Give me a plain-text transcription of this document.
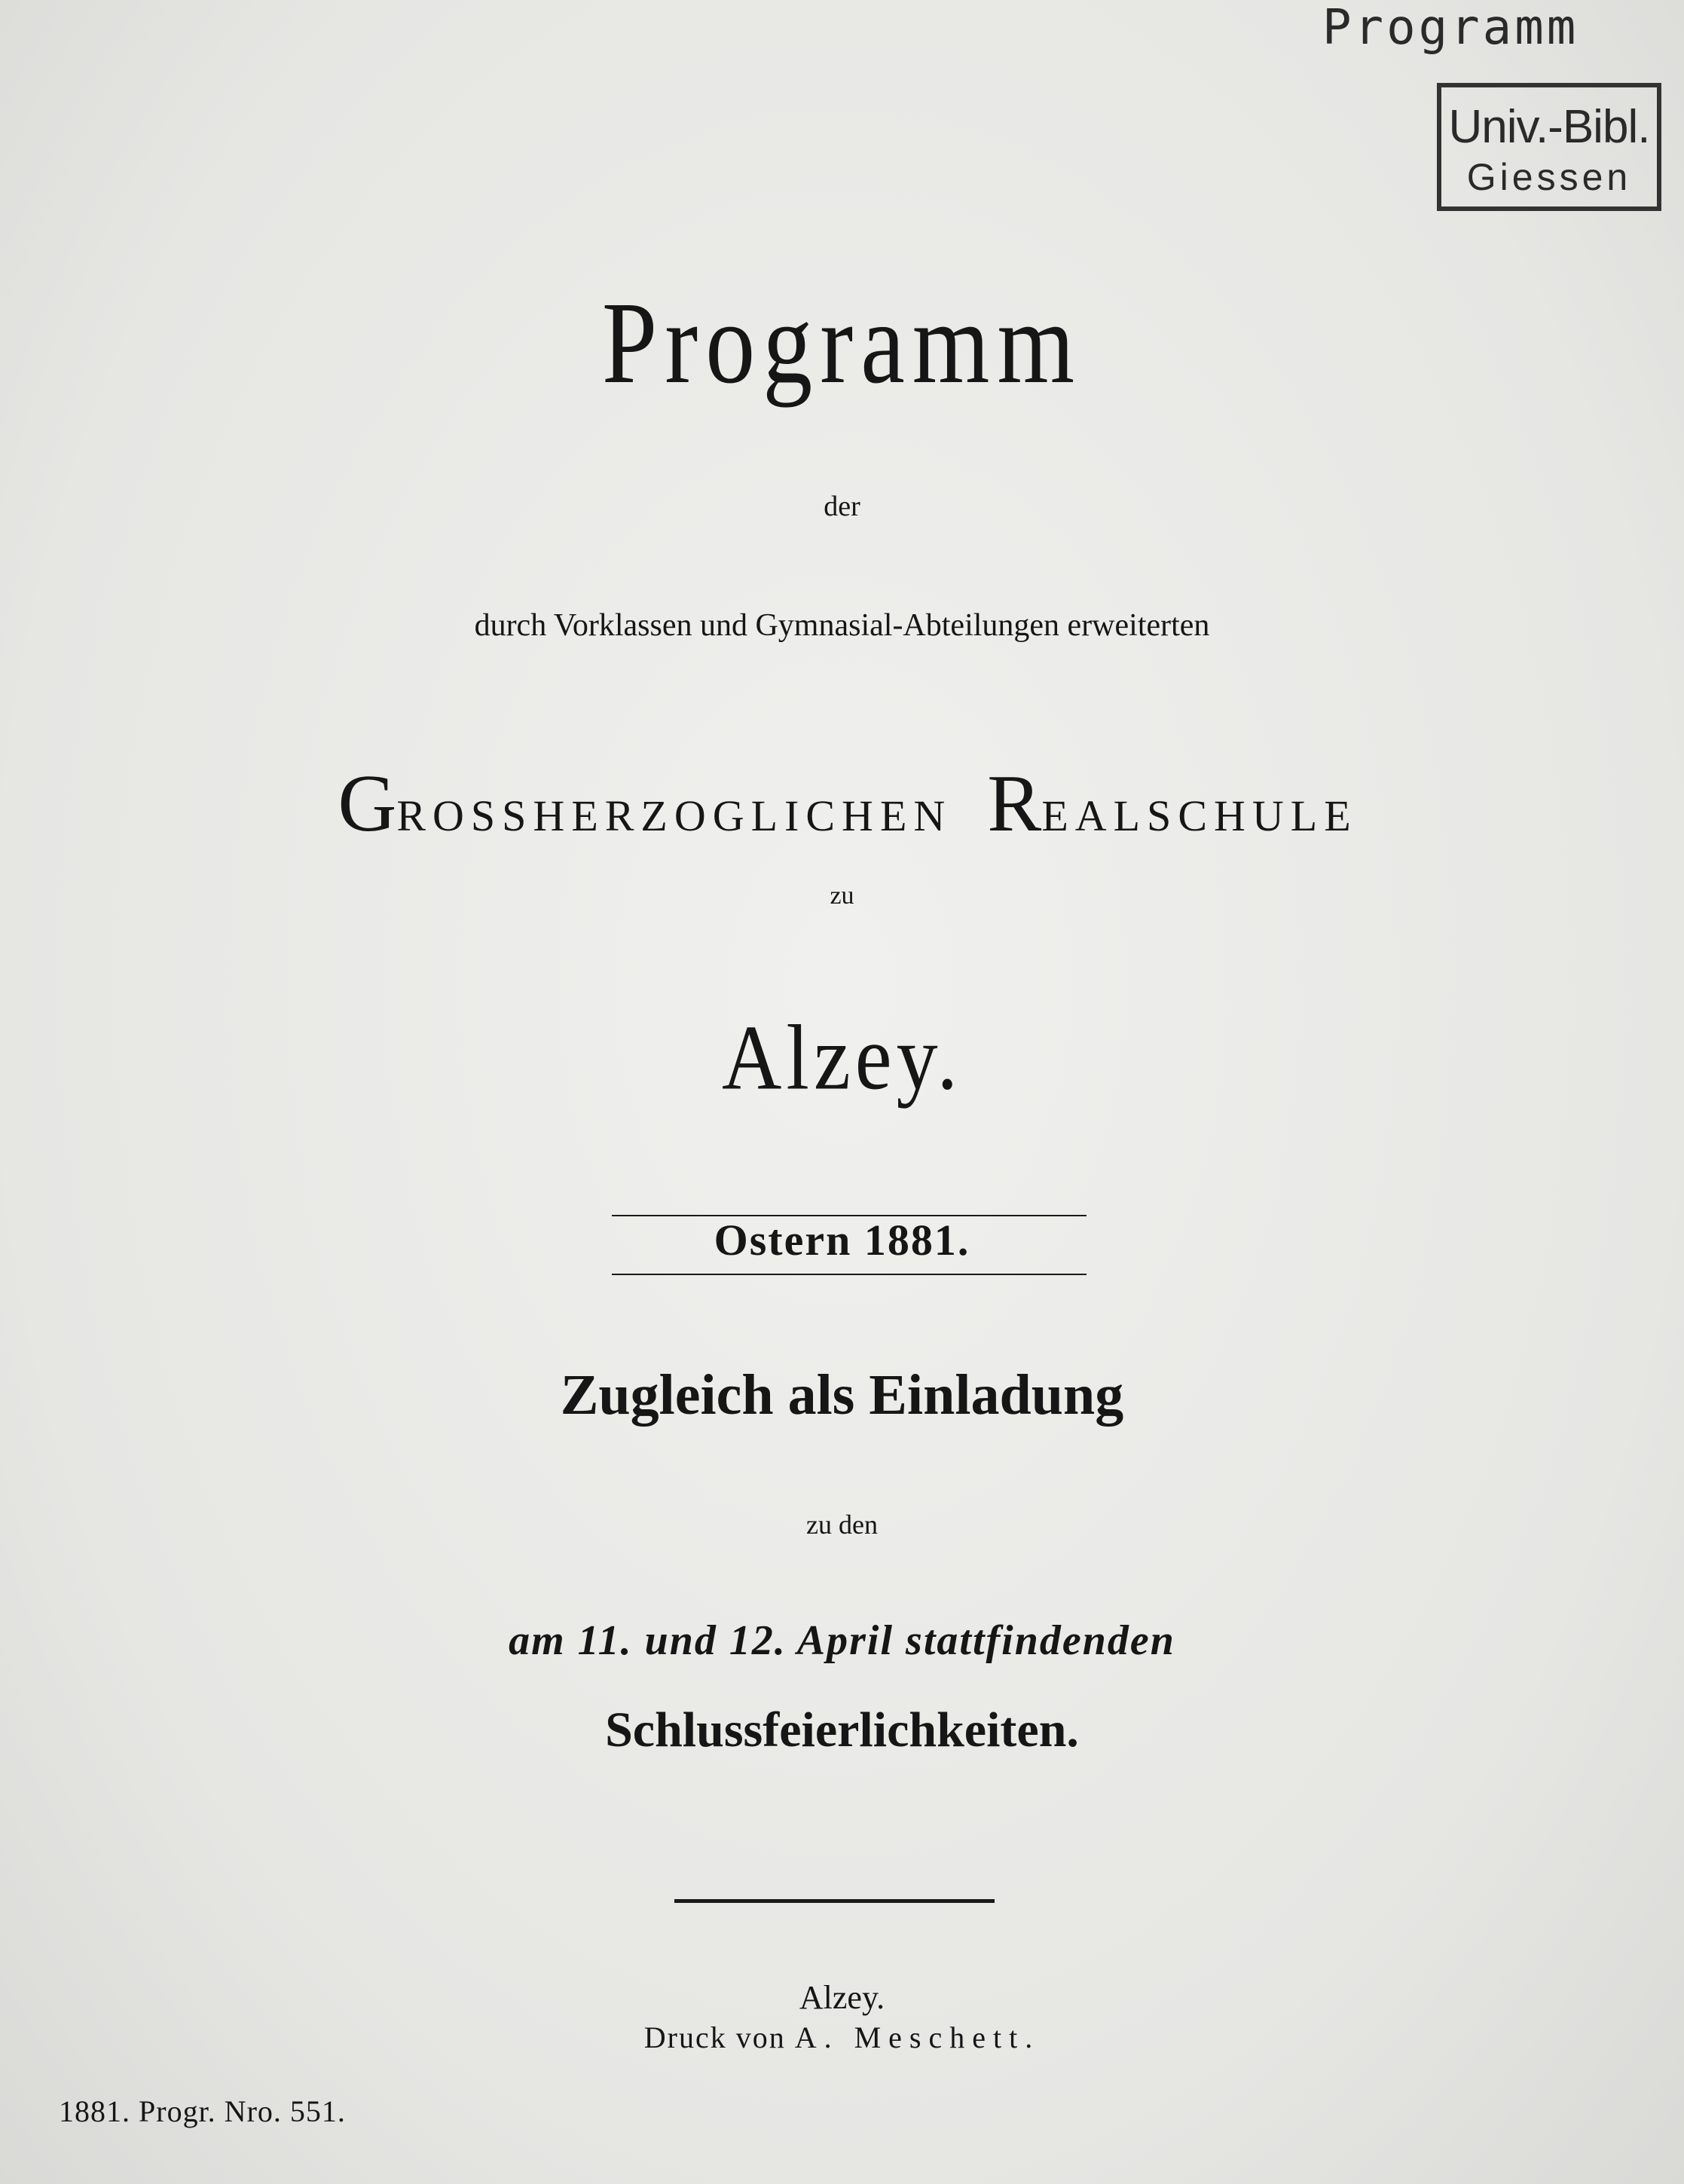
Programm
Univ.-Bibl.
Giessen
Programm
der
durch Vorklassen und Gymnasial-Abteilungen erweiterten
GROSSHERZOGLICHEN REALSCHULE
zu
Alzey.
Ostern 1881.
Zugleich als Einladung
zu den
am 11. und 12. April stattfindenden
Schlussfeierlichkeiten.
Alzey.
Druck von A. Meschett.
1881. Progr. Nro. 551.
